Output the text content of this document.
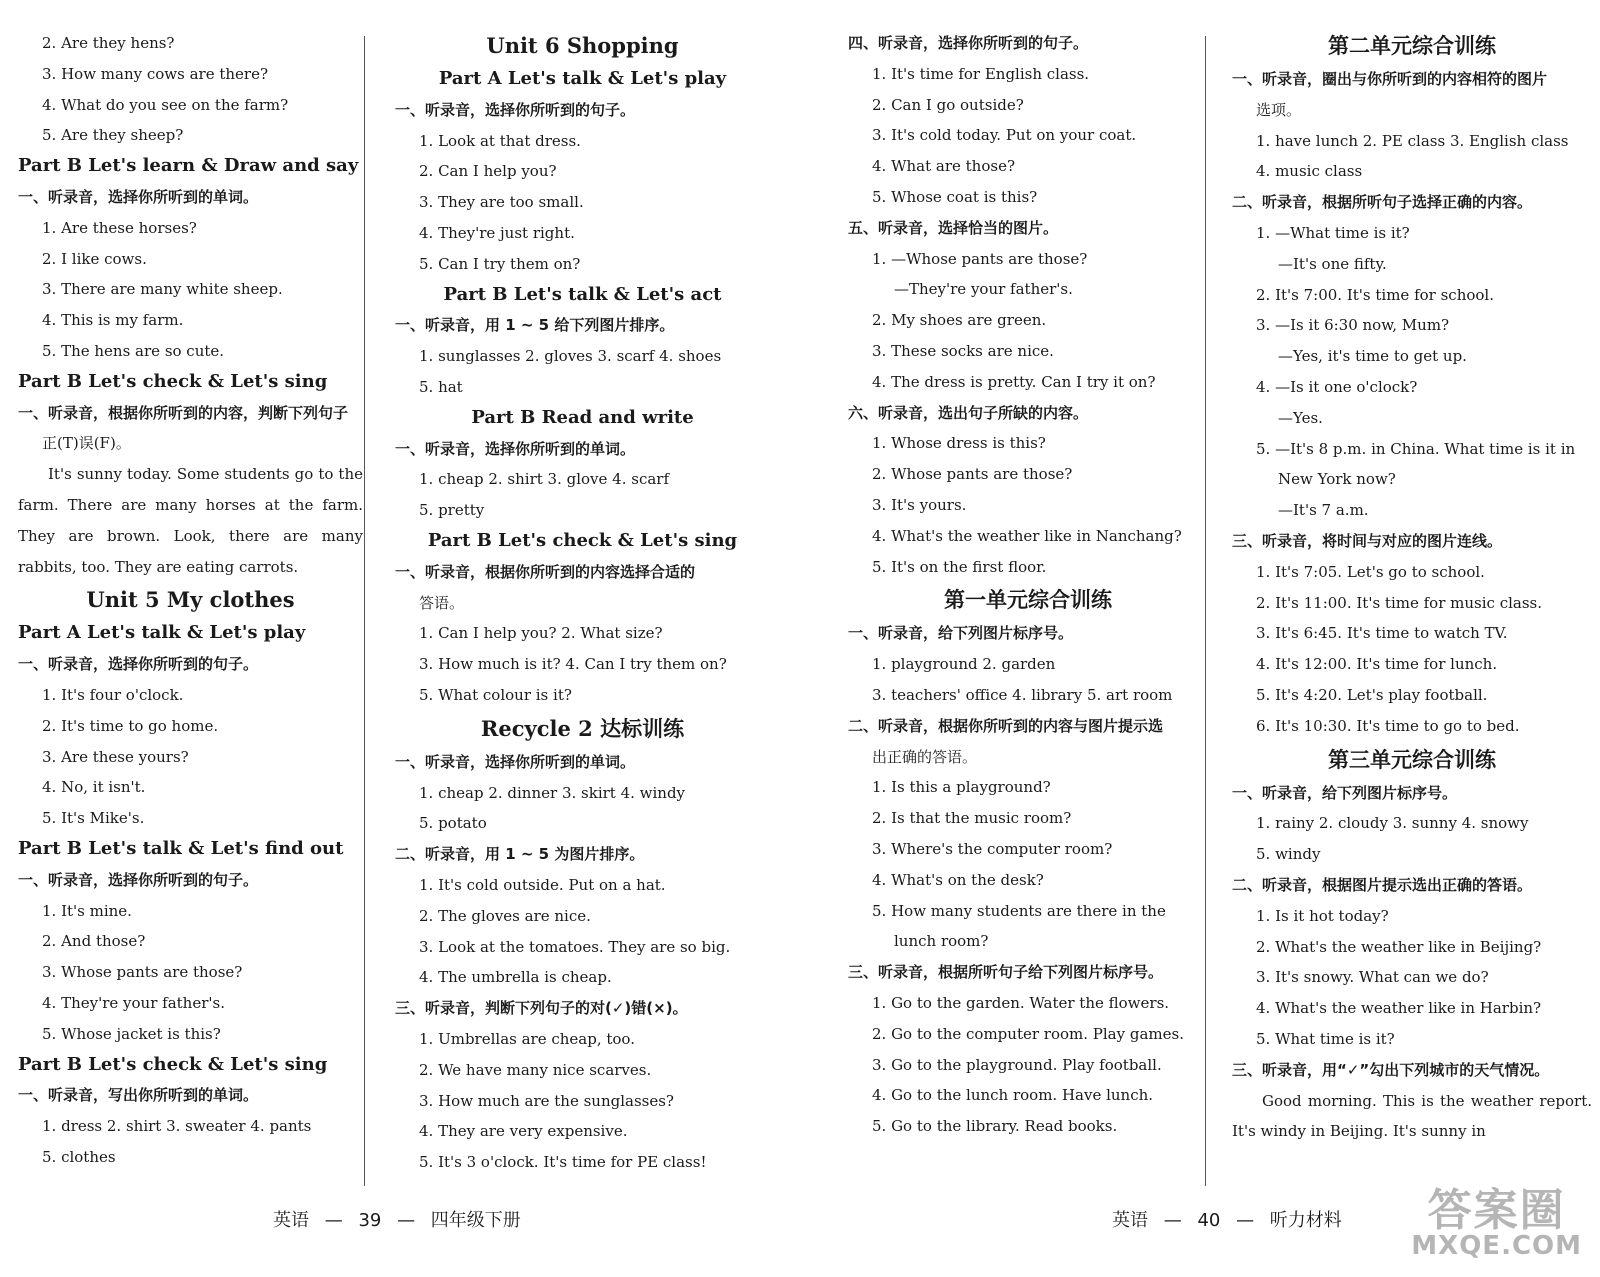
2. Are they hens?
3. How many cows are there?
4. What do you see on the farm?
5. Are they sheep?
Part B Let's learn & Draw and say
一、听录音，选择你所听到的单词。
1. Are these horses?
2. I like cows.
3. There are many white sheep.
4. This is my farm.
5. The hens are so cute.
Part B Let's check & Let's sing
一、听录音，根据你所听到的内容，判断下列句子
正(T)误(F)。
It's sunny today. Some students go to the farm. There are many horses at the farm. They are brown. Look, there are many rabbits, too. They are eating carrots.
Unit 5 My clothes
Part A Let's talk & Let's play
一、听录音，选择你所听到的句子。
1. It's four o'clock.
2. It's time to go home.
3. Are these yours?
4. No, it isn't.
5. It's Mike's.
Part B Let's talk & Let's find out
一、听录音，选择你所听到的句子。
1. It's mine.
2. And those?
3. Whose pants are those?
4. They're your father's.
5. Whose jacket is this?
Part B Let's check & Let's sing
一、听录音，写出你所听到的单词。
1. dress 2. shirt 3. sweater 4. pants
5. clothes
Unit 6 Shopping
Part A Let's talk & Let's play
一、听录音，选择你所听到的句子。
1. Look at that dress.
2. Can I help you?
3. They are too small.
4. They're just right.
5. Can I try them on?
Part B Let's talk & Let's act
一、听录音，用 1 ~ 5 给下列图片排序。
1. sunglasses 2. gloves 3. scarf 4. shoes
5. hat
Part B Read and write
一、听录音，选择你所听到的单词。
1. cheap 2. shirt 3. glove 4. scarf
5. pretty
Part B Let's check & Let's sing
一、听录音，根据你所听到的内容选择合适的
答语。
1. Can I help you? 2. What size?
3. How much is it? 4. Can I try them on?
5. What colour is it?
Recycle 2 达标训练
一、听录音，选择你所听到的单词。
1. cheap 2. dinner 3. skirt 4. windy
5. potato
二、听录音，用 1 ~ 5 为图片排序。
1. It's cold outside. Put on a hat.
2. The gloves are nice.
3. Look at the tomatoes. They are so big.
4. The umbrella is cheap.
三、听录音，判断下列句子的对(✓)错(×)。
1. Umbrellas are cheap, too.
2. We have many nice scarves.
3. How much are the sunglasses?
4. They are very expensive.
5. It's 3 o'clock. It's time for PE class!
四、听录音，选择你所听到的句子。
1. It's time for English class.
2. Can I go outside?
3. It's cold today. Put on your coat.
4. What are those?
5. Whose coat is this?
五、听录音，选择恰当的图片。
1. —Whose pants are those?
—They're your father's.
2. My shoes are green.
3. These socks are nice.
4. The dress is pretty. Can I try it on?
六、听录音，选出句子所缺的内容。
1. Whose dress is this?
2. Whose pants are those?
3. It's yours.
4. What's the weather like in Nanchang?
5. It's on the first floor.
第一单元综合训练
一、听录音，给下列图片标序号。
1. playground 2. garden
3. teachers' office 4. library 5. art room
二、听录音，根据你所听到的内容与图片提示选
出正确的答语。
1. Is this a playground?
2. Is that the music room?
3. Where's the computer room?
4. What's on the desk?
5. How many students are there in the
lunch room?
三、听录音，根据所听句子给下列图片标序号。
1. Go to the garden. Water the flowers.
2. Go to the computer room. Play games.
3. Go to the playground. Play football.
4. Go to the lunch room. Have lunch.
5. Go to the library. Read books.
第二单元综合训练
一、听录音，圈出与你所听到的内容相符的图片
选项。
1. have lunch 2. PE class 3. English class
4. music class
二、听录音，根据所听句子选择正确的内容。
1. —What time is it?
—It's one fifty.
2. It's 7:00. It's time for school.
3. —Is it 6:30 now, Mum?
—Yes, it's time to get up.
4. —Is it one o'clock?
—Yes.
5. —It's 8 p.m. in China. What time is it in
New York now?
—It's 7 a.m.
三、听录音，将时间与对应的图片连线。
1. It's 7:05. Let's go to school.
2. It's 11:00. It's time for music class.
3. It's 6:45. It's time to watch TV.
4. It's 12:00. It's time for lunch.
5. It's 4:20. Let's play football.
6. It's 10:30. It's time to go to bed.
第三单元综合训练
一、听录音，给下列图片标序号。
1. rainy 2. cloudy 3. sunny 4. snowy
5. windy
二、听录音，根据图片提示选出正确的答语。
1. Is it hot today?
2. What's the weather like in Beijing?
3. It's snowy. What can we do?
4. What's the weather like in Harbin?
5. What time is it?
三、听录音，用“✓”勾出下列城市的天气情况。
Good morning. This is the weather report. It's windy in Beijing. It's sunny in
英语 — 39 — 四年级下册	英语 — 40 — 听力材料	答案圈
MXQE.COM
